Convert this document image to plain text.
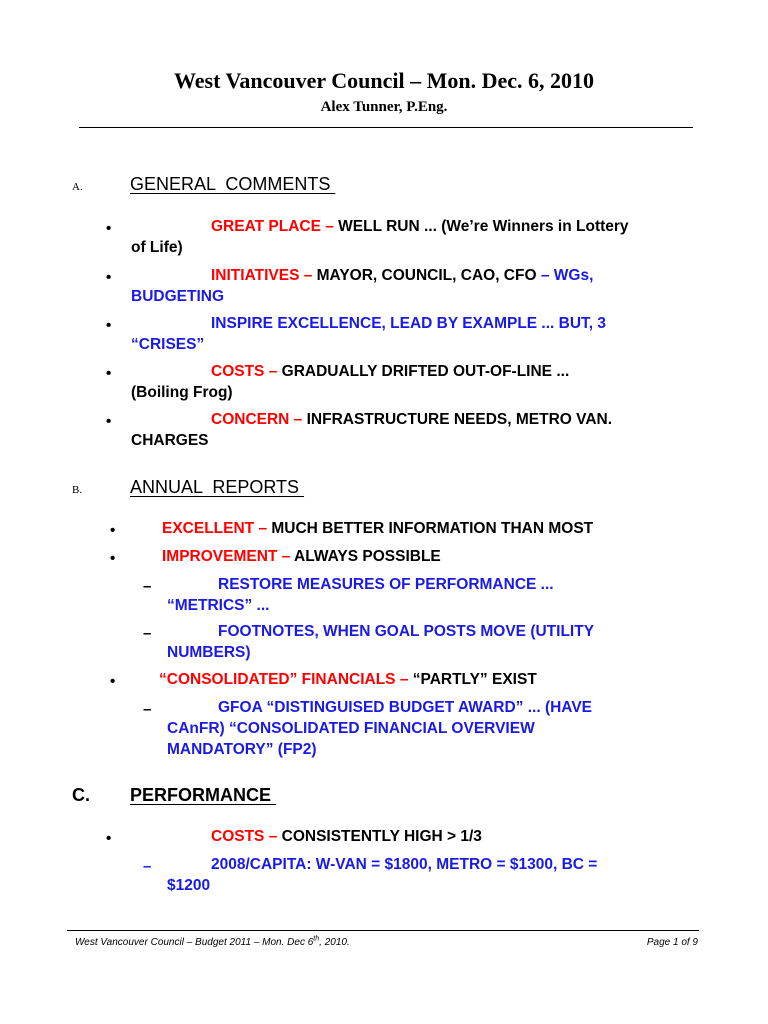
West Vancouver Council – Mon. Dec. 6, 2010
Alex Tunner, P.Eng.
A.	GENERAL  COMMENTS
•	GREAT PLACE – WELL RUN ... (We’re Winners in Lottery
of Life)
•	INITIATIVES – MAYOR, COUNCIL, CAO, CFO – WGs,
BUDGETING
•	INSPIRE EXCELLENCE, LEAD BY EXAMPLE ... BUT, 3
“CRISES”
•	COSTS – GRADUALLY DRIFTED OUT-OF-LINE ...
(Boiling Frog)
•	CONCERN – INFRASTRUCTURE NEEDS, METRO VAN.
CHARGES
B.	ANNUAL  REPORTS
•	EXCELLENT – MUCH BETTER INFORMATION THAN MOST
•	IMPROVEMENT – ALWAYS POSSIBLE
–	RESTORE MEASURES OF PERFORMANCE ...
“METRICS” ...
–	FOOTNOTES, WHEN GOAL POSTS MOVE (UTILITY
NUMBERS)
•	“CONSOLIDATED” FINANCIALS – “PARTLY” EXIST
–	GFOA “DISTINGUISED BUDGET AWARD” ... (HAVE
CAnFR) “CONSOLIDATED FINANCIAL OVERVIEW
MANDATORY” (FP2)
C. PERFORMANCE
•	COSTS – CONSISTENTLY HIGH > 1/3
–	2008/CAPITA: W-VAN = $1800, METRO = $1300, BC =
$1200
West Vancouver Council – Budget 2011 – Mon. Dec 6th, 2010.	Page 1 of 9
